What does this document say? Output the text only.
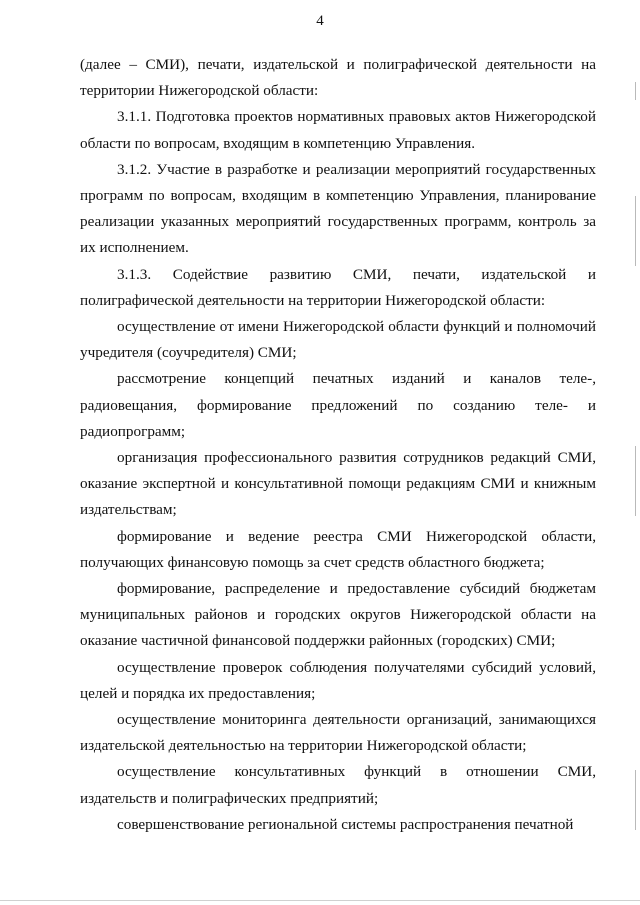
4

(далее – СМИ), печати, издательской и полиграфической деятельности на территории Нижегородской области:

3.1.1. Подготовка проектов нормативных правовых актов Нижегородской области по вопросам, входящим в компетенцию Управления.

3.1.2. Участие в разработке и реализации мероприятий государственных программ по вопросам, входящим в компетенцию Управления, планирование реализации указанных мероприятий государственных программ, контроль за их исполнением.

3.1.3. Содействие развитию СМИ, печати, издательской и полиграфической деятельности на территории Нижегородской области:

осуществление от имени Нижегородской области функций и полномочий учредителя (соучредителя) СМИ;

рассмотрение концепций печатных изданий и каналов теле-, радиовещания, формирование предложений по созданию теле- и радиопрограмм;

организация профессионального развития сотрудников редакций СМИ, оказание экспертной и консультативной помощи редакциям СМИ и книжным издательствам;

формирование и ведение реестра СМИ Нижегородской области, получающих финансовую помощь за счет средств областного бюджета;

формирование, распределение и предоставление субсидий бюджетам муниципальных районов и городских округов Нижегородской области на оказание частичной финансовой поддержки районных (городских) СМИ;

осуществление проверок соблюдения получателями субсидий условий, целей и порядка их предоставления;

осуществление мониторинга деятельности организаций, занимающихся издательской деятельностью на территории Нижегородской области;

осуществление консультативных функций в отношении СМИ, издательств и полиграфических предприятий;

совершенствование региональной системы распространения печатной
